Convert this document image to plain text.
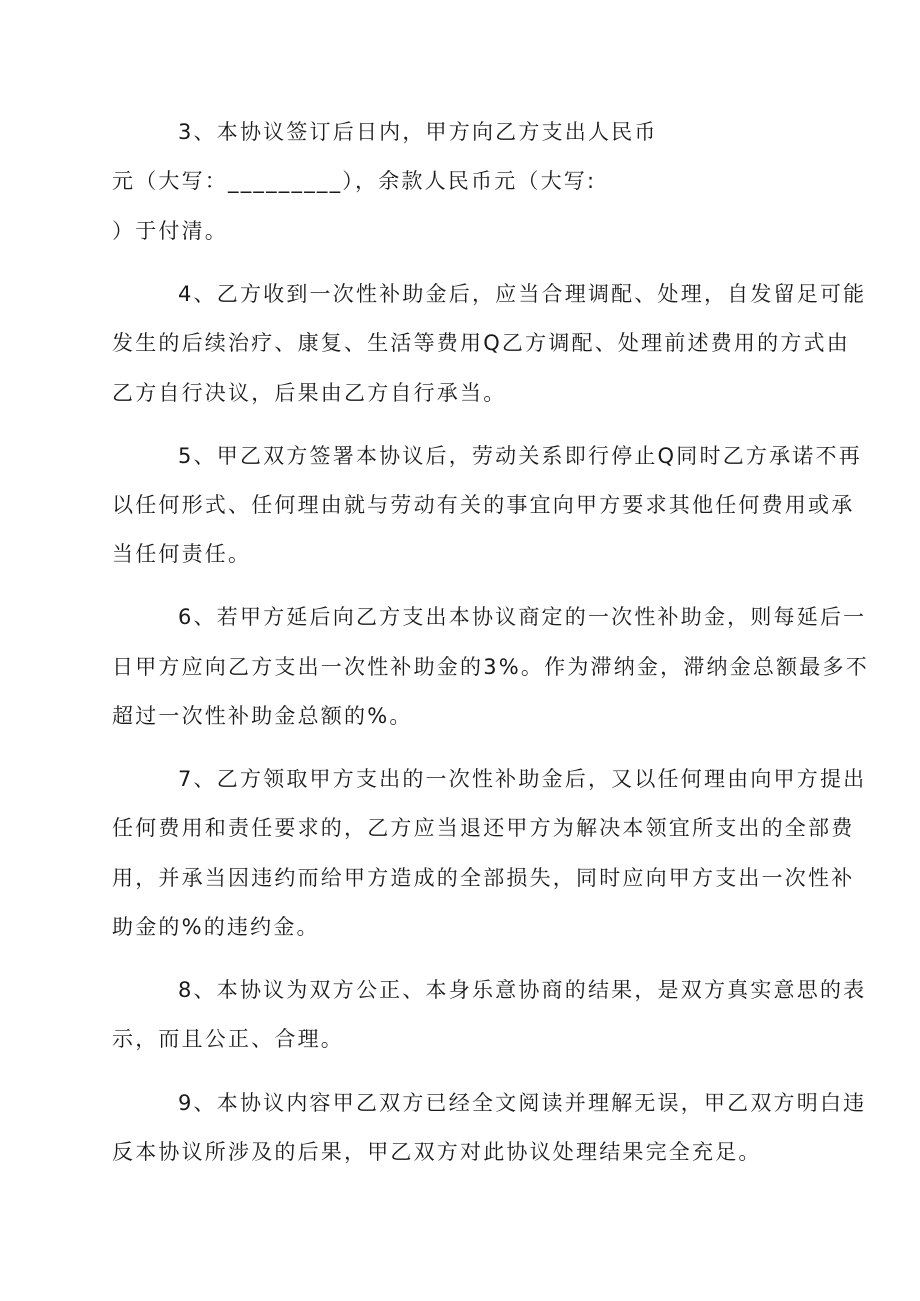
3、本协议签订后日内，甲方向乙方支出人民币
元（大写：_________），余款人民币元（大写:
）于付清。
4、乙方收到一次性补助金后，应当合理调配、处理，自发留足可能
发生的后续治疗、康复、生活等费用Q乙方调配、处理前述费用的方式由
乙方自行决议，后果由乙方自行承当。
5、甲乙双方签署本协议后，劳动关系即行停止Q同时乙方承诺不再
以任何形式、任何理由就与劳动有关的事宜向甲方要求其他任何费用或承
当任何责任。
6、若甲方延后向乙方支出本协议商定的一次性补助金，则每延后一
日甲方应向乙方支出一次性补助金的3%。作为滞纳金，滞纳金总额最多不
超过一次性补助金总额的%。
7、乙方领取甲方支出的一次性补助金后，又以任何理由向甲方提出
任何费用和责任要求的，乙方应当退还甲方为解决本领宜所支出的全部费
用，并承当因违约而给甲方造成的全部损失，同时应向甲方支出一次性补
助金的%的违约金。
8、本协议为双方公正、本身乐意协商的结果，是双方真实意思的表
示，而且公正、合理。
9、本协议内容甲乙双方已经全文阅读并理解无误，甲乙双方明白违
反本协议所涉及的后果，甲乙双方对此协议处理结果完全充足。
